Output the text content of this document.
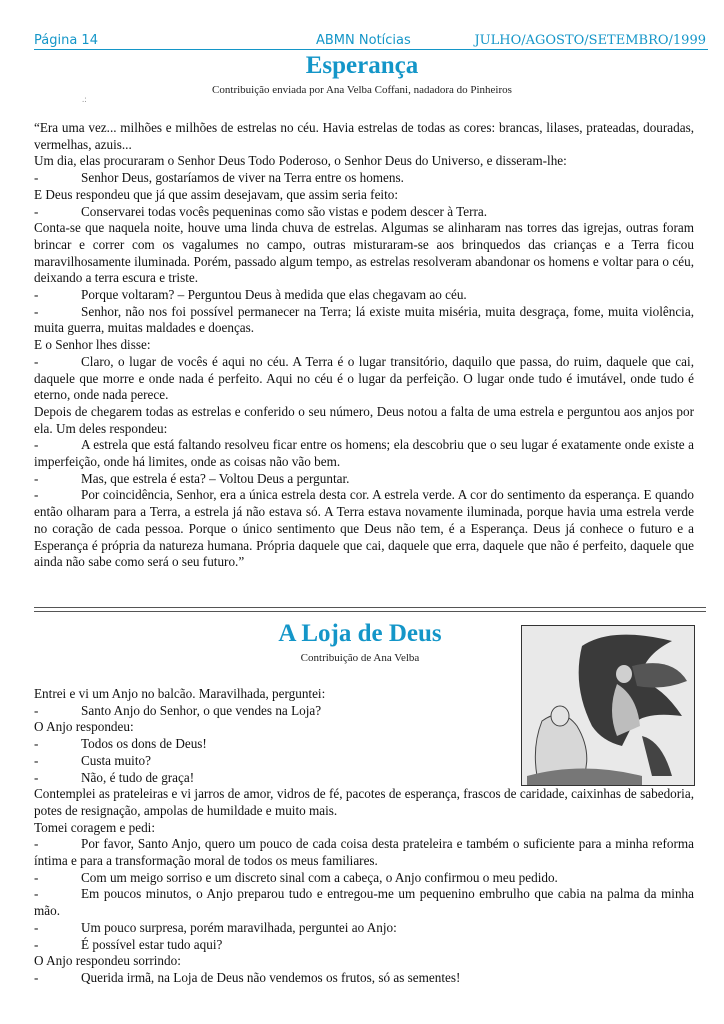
Página 14	ABMN Notícias	JULHO/AGOSTO/SETEMBRO/1999
Esperança
Contribuição enviada por Ana Velba Coffani, nadadora do Pinheiros

“Era uma vez... milhões e milhões de estrelas no céu. Havia estrelas de todas as cores: brancas, lilases, prateadas, douradas, vermelhas, azuis...

Um dia, elas procuraram o Senhor Deus Todo Poderoso, o Senhor Deus do Universo, e disseram-lhe:

-	Senhor Deus, gostaríamos de viver na Terra entre os homens.

E Deus respondeu que já que assim desejavam, que assim seria feito:

-	Conservarei todas vocês pequeninas como são vistas e podem descer à Terra.

Conta-se que naquela noite, houve uma linda chuva de estrelas. Algumas se alinharam nas torres das igrejas, outras foram brincar e correr com os vagalumes no campo, outras misturaram-se aos brinquedos das crianças e a Terra ficou maravilhosamente iluminada. Porém, passado algum tempo, as estrelas resolveram abandonar os homens e voltar para o céu, deixando a terra escura e triste.

-	Porque voltaram? – Perguntou Deus à medida que elas chegavam ao céu.

-	Senhor, não nos foi possível permanecer na Terra; lá existe muita miséria, muita desgraça, fome, muita violência, muita guerra, muitas maldades e doenças.

E o Senhor lhes disse:

-	Claro, o lugar de vocês é aqui no céu. A Terra é o lugar transitório, daquilo que passa, do ruim, daquele que cai, daquele que morre e onde nada é perfeito. Aqui no céu é o lugar da perfeição. O lugar onde tudo é imutável, onde tudo é eterno, onde nada perece.

Depois de chegarem todas as estrelas e conferido o seu número, Deus notou a falta de uma estrela e perguntou aos anjos por ela. Um deles respondeu:

-	A estrela que está faltando resolveu ficar entre os homens; ela descobriu que o seu lugar é exatamente onde existe a imperfeição, onde há limites, onde as coisas não vão bem.

-	Mas, que estrela é esta? – Voltou Deus a perguntar.

-	Por coincidência, Senhor, era a única estrela desta cor. A estrela verde. A cor do sentimento da esperança. E quando então olharam para a Terra, a estrela já não estava só. A Terra estava novamente iluminada, porque havia uma estrela verde no coração de cada pessoa. Porque o único sentimento que Deus não tem, é a Esperança. Deus já conhece o futuro e a Esperança é própria da natureza humana. Própria daquele que cai, daquele que erra, daquele que não é perfeito, daquele que ainda não sabe como será o seu futuro.”

A Loja de Deus
Contribuição de Ana Velba

Entrei e vi um Anjo no balcão. Maravilhada, perguntei:

-	Santo Anjo do Senhor, o que vendes na Loja?

O Anjo respondeu:

-	Todos os dons de Deus!

-	Custa muito?

-	Não, é tudo de graça!

Contemplei as prateleiras e vi jarros de amor, vidros de fé, pacotes de esperança, frascos de caridade, caixinhas de sabedoria, potes de resignação, ampolas de humildade e muito mais.

Tomei coragem e pedi:

-	Por favor, Santo Anjo, quero um pouco de cada coisa desta prateleira e também o suficiente para a minha reforma íntima e para a transformação moral de todos os meus familiares.

-	Com um meigo sorriso e um discreto sinal com a cabeça, o Anjo confirmou o meu pedido.

-	Em poucos minutos, o Anjo preparou tudo e entregou-me um pequenino embrulho que cabia na palma da minha mão.

-	Um pouco surpresa, porém maravilhada, perguntei ao Anjo:

-	É possível estar tudo aqui?

O Anjo respondeu sorrindo:

-	Querida irmã, na Loja de Deus não vendemos os frutos, só as sementes!

.:
